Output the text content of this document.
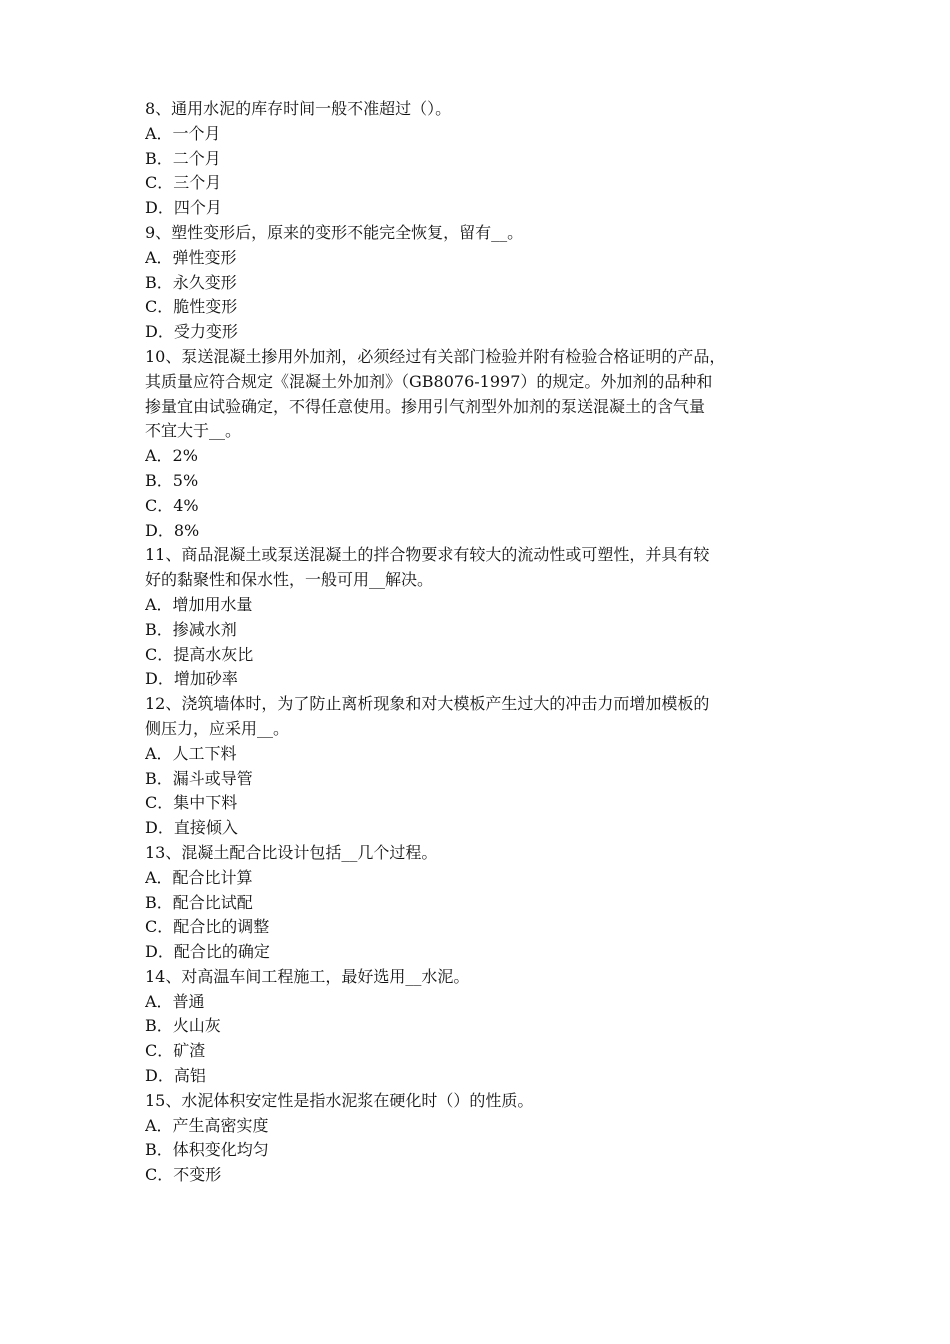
8、通用水泥的库存时间一般不准超过（）。
A．一个月
B．二个月
C．三个月
D．四个月
9、塑性变形后，原来的变形不能完全恢复，留有__。
A．弹性变形
B．永久变形
C．脆性变形
D．受力变形
10、泵送混凝土掺用外加剂，必须经过有关部门检验并附有检验合格证明的产品，
其质量应符合规定《混凝土外加剂》（GB8076-1997）的规定。外加剂的品种和
掺量宜由试验确定，不得任意使用。掺用引气剂型外加剂的泵送混凝土的含气量
不宜大于__。
A．2%
B．5%
C．4%
D．8%
11、商品混凝土或泵送混凝土的拌合物要求有较大的流动性或可塑性，并具有较
好的黏聚性和保水性，一般可用__解决。
A．增加用水量
B．掺减水剂
C．提高水灰比
D．增加砂率
12、浇筑墙体时，为了防止离析现象和对大模板产生过大的冲击力而增加模板的
侧压力，应采用__。
A．人工下料
B．漏斗或导管
C．集中下料
D．直接倾入
13、混凝土配合比设计包括__几个过程。
A．配合比计算
B．配合比试配
C．配合比的调整
D．配合比的确定
14、对高温车间工程施工，最好选用__水泥。
A．普通
B．火山灰
C．矿渣
D．高铝
15、水泥体积安定性是指水泥浆在硬化时（）的性质。
A．产生高密实度
B．体积变化均匀
C．不变形
